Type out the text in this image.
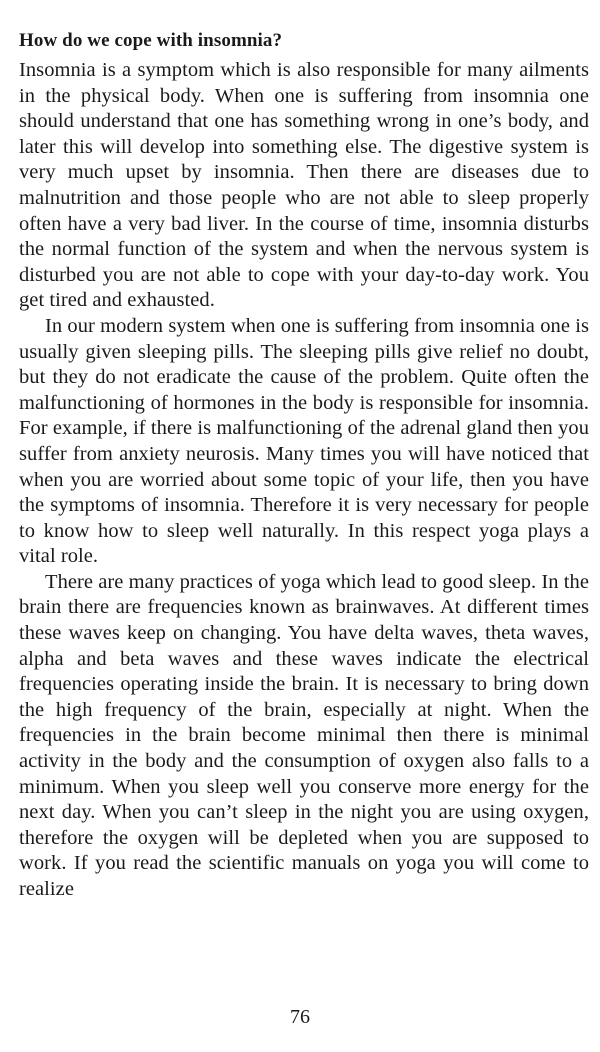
How do we cope with insomnia?

Insomnia is a symptom which is also responsible for many ailments in the physical body. When one is suffering from insomnia one should understand that one has something wrong in one’s body, and later this will develop into something else. The digestive system is very much upset by insomnia. Then there are diseases due to malnutrition and those people who are not able to sleep properly often have a very bad liver. In the course of time, insomnia disturbs the normal function of the system and when the nervous system is disturbed you are not able to cope with your day-to-day work. You get tired and exhausted.

In our modern system when one is suffering from insomnia one is usually given sleeping pills. The sleeping pills give relief no doubt, but they do not eradicate the cause of the problem. Quite often the malfunctioning of hormones in the body is responsible for insomnia. For example, if there is malfunctioning of the adrenal gland then you suffer from anxiety neurosis. Many times you will have noticed that when you are worried about some topic of your life, then you have the symptoms of insomnia. Therefore it is very necessary for people to know how to sleep well naturally. In this respect yoga plays a vital role.

There are many practices of yoga which lead to good sleep. In the brain there are frequencies known as brainwaves. At different times these waves keep on changing. You have delta waves, theta waves, alpha and beta waves and these waves indicate the electrical frequencies operating inside the brain. It is necessary to bring down the high frequency of the brain, especially at night. When the frequencies in the brain become minimal then there is minimal activity in the body and the consumption of oxygen also falls to a minimum. When you sleep well you conserve more energy for the next day. When you can’t sleep in the night you are using oxygen, therefore the oxygen will be depleted when you are supposed to work. If you read the scientific manuals on yoga you will come to realize

76
